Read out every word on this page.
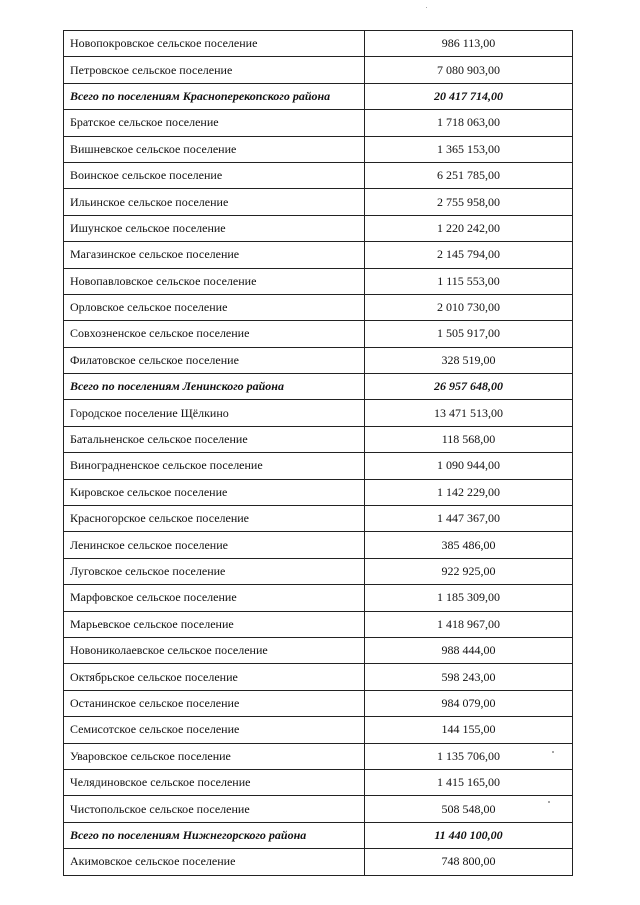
Новопокровское сельское поселение	986 113,00
Петровское сельское поселение	7 080 903,00
Всего по поселениям Красноперекопского района	20 417 714,00
Братское сельское поселение	1 718 063,00
Вишневское сельское поселение	1 365 153,00
Воинское сельское поселение	6 251 785,00
Ильинское сельское поселение	2 755 958,00
Ишунское сельское поселение	1 220 242,00
Магазинское сельское поселение	2 145 794,00
Новопавловское сельское поселение	1 115 553,00
Орловское сельское поселение	2 010 730,00
Совхозненское сельское поселение	1 505 917,00
Филатовское сельское поселение	328 519,00
Всего по поселениям Ленинского района	26 957 648,00
Городское поселение Щёлкино	13 471 513,00
Батальненское сельское поселение	118 568,00
Виноградненское сельское поселение	1 090 944,00
Кировское сельское поселение	1 142 229,00
Красногорское сельское поселение	1 447 367,00
Ленинское сельское поселение	385 486,00
Луговское сельское поселение	922 925,00
Марфовское сельское поселение	1 185 309,00
Марьевское сельское поселение	1 418 967,00
Новониколаевское сельское поселение	988 444,00
Октябрьское сельское поселение	598 243,00
Останинское сельское поселение	984 079,00
Семисотское сельское поселение	144 155,00
Уваровское сельское поселение	1 135 706,00
Челядиновское сельское поселение	1 415 165,00
Чистопольское сельское поселение	508 548,00
Всего по поселениям Нижнегорского района	11 440 100,00
Акимовское сельское поселение	748 800,00
